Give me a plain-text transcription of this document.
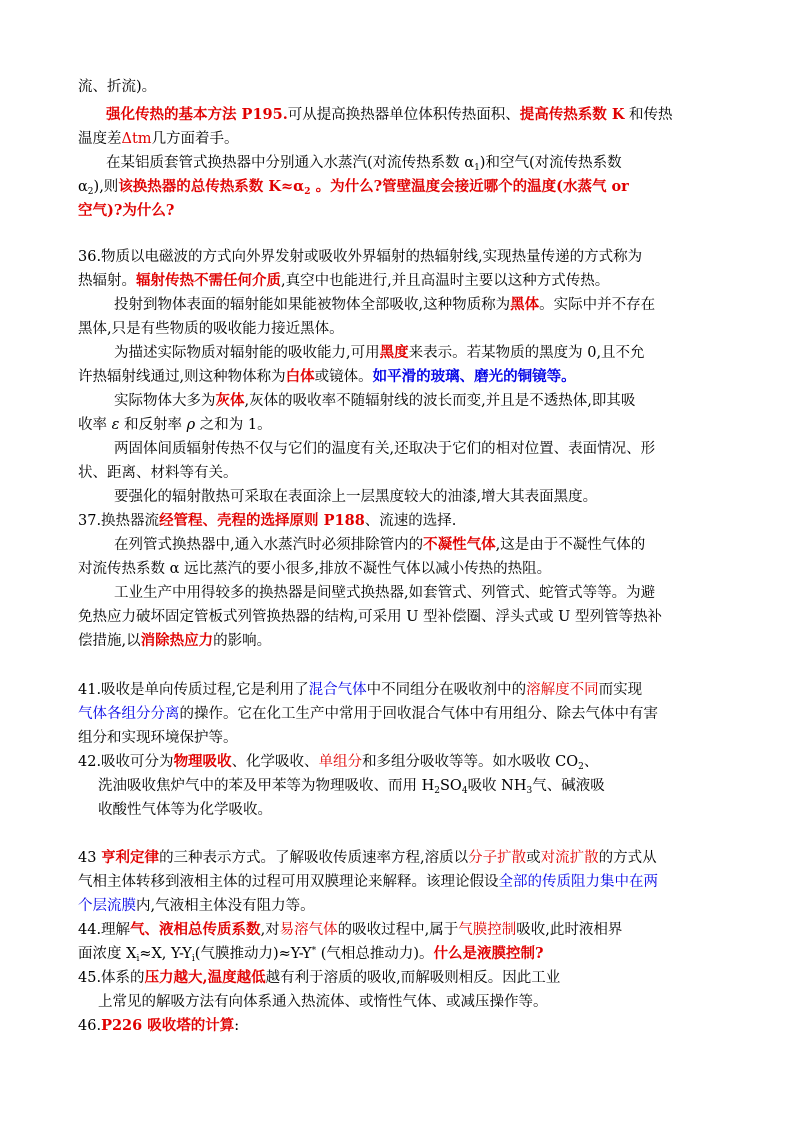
流、折流)。
强化传热的基本方法 P195.可从提高换热器单位体积传热面积、提高传热系数 K 和传热
温度差Δtm几方面着手。
在某铝质套管式换热器中分别通入水蒸汽(对流传热系数 $\alpha_1$)和空气(对流传热系数
$\alpha_2$),则该换热器的总传热系数 $K\approx\alpha_2$ 。为什么?管壁温度会接近哪个的温度(水蒸气 or
空气)?为什么?
36.物质以电磁波的方式向外界发射或吸收外界辐射的热辐射线,实现热量传递的方式称为
热辐射。辐射传热不需任何介质,真空中也能进行,并且高温时主要以这种方式传热。
投射到物体表面的辐射能如果能被物体全部吸收,这种物质称为黑体。实际中并不存在
黑体,只是有些物质的吸收能力接近黑体。
为描述实际物质对辐射能的吸收能力,可用黑度来表示。若某物质的黑度为 0,且不允
许热辐射线通过,则这种物体称为白体或镜体。如平滑的玻璃、磨光的铜镜等。
实际物体大多为灰体,灰体的吸收率不随辐射线的波长而变,并且是不透热体,即其吸
收率 ε 和反射率 ρ 之和为 1。
两固体间质辐射传热不仅与它们的温度有关,还取决于它们的相对位置、表面情况、形
状、距离、材料等有关。
要强化的辐射散热可采取在表面涂上一层黑度较大的油漆,增大其表面黑度。
37.换热器流经管程、壳程的选择原则 P188、流速的选择.
在列管式换热器中,通入水蒸汽时必须排除管内的不凝性气体,这是由于不凝性气体的
对流传热系数 α 远比蒸汽的要小很多,排放不凝性气体以减小传热的热阻。
工业生产中用得较多的换热器是间壁式换热器,如套管式、列管式、蛇管式等等。为避
免热应力破坏固定管板式列管换热器的结构,可采用 U 型补偿圈、浮头式或 U 型列管等热补
偿措施,以消除热应力的影响。
41.吸收是单向传质过程,它是利用了混合气体中不同组分在吸收剂中的溶解度不同而实现
气体各组分分离的操作。它在化工生产中常用于回收混合气体中有用组分、除去气体中有害
组分和实现环境保护等。
42.吸收可分为物理吸收、化学吸收、单组分和多组分吸收等等。如水吸收 $CO_2$、
洗油吸收焦炉气中的苯及甲苯等为物理吸收、而用 $H_2SO_4$吸收 $NH_3$气、碱液吸
收酸性气体等为化学吸收。
43 亨利定律的三种表示方式。了解吸收传质速率方程,溶质以分子扩散或对流扩散的方式从
气相主体转移到液相主体的过程可用双膜理论来解释。该理论假设全部的传质阻力集中在两
个层流膜内,气液相主体没有阻力等。
44.理解气、液相总传质系数,对易溶气体的吸收过程中,属于气膜控制吸收,此时液相界
面浓度 $X_i\approx X$, $Y-Y_i$(气膜推动力)≈Y-Y* (气相总推动力)。什么是液膜控制?
45.体系的压力越大,温度越低越有利于溶质的吸收,而解吸则相反。因此工业
上常见的解吸方法有向体系通入热流体、或惰性气体、或减压操作等。
46.P226 吸收塔的计算:
